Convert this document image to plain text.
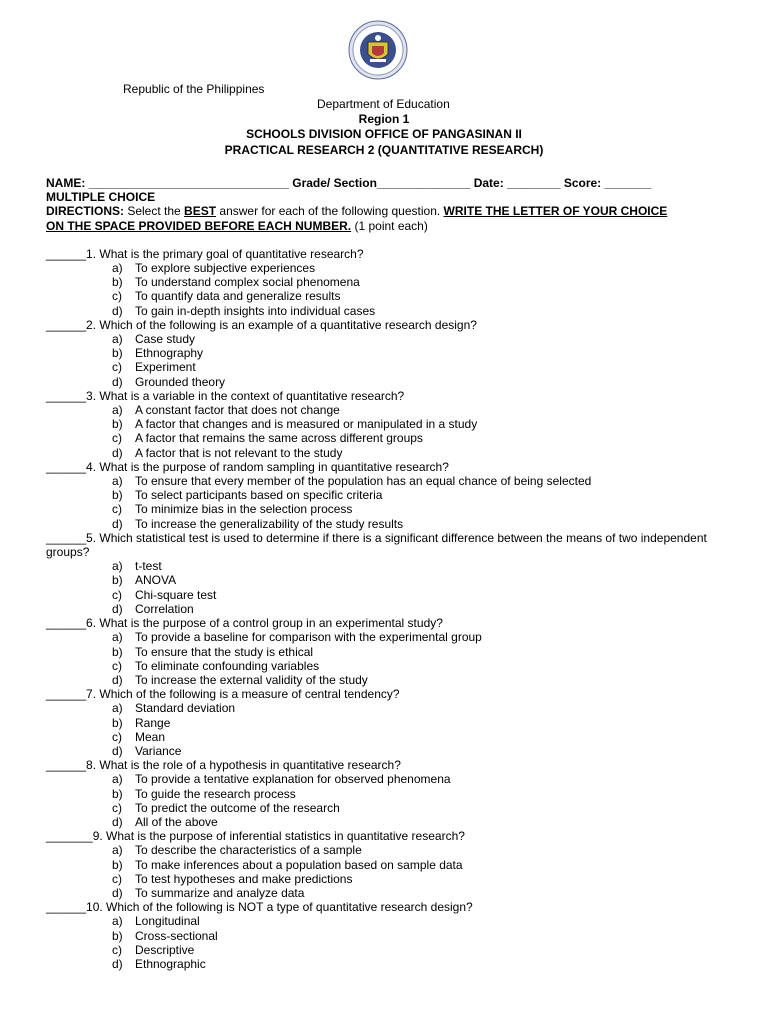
Republic of the Philippines
Department of Education
Region 1
SCHOOLS DIVISION OFFICE OF PANGASINAN II
PRACTICAL RESEARCH 2 (QUANTITATIVE RESEARCH)
NAME: ______________________________ Grade/ Section______________ Date: ________ Score: _______
MULTIPLE CHOICE
DIRECTIONS: Select the BEST answer for each of the following question. WRITE THE LETTER OF YOUR CHOICE
ON THE SPACE PROVIDED BEFORE EACH NUMBER. (1 point each)
______1. What is the primary goal of quantitative research?
a) To explore subjective experiences
b) To understand complex social phenomena
c) To quantify data and generalize results
d) To gain in-depth insights into individual cases
______2. Which of the following is an example of a quantitative research design?
a) Case study
b) Ethnography
c) Experiment
d) Grounded theory
______3. What is a variable in the context of quantitative research?
a) A constant factor that does not change
b) A factor that changes and is measured or manipulated in a study
c) A factor that remains the same across different groups
d) A factor that is not relevant to the study
______4. What is the purpose of random sampling in quantitative research?
a) To ensure that every member of the population has an equal chance of being selected
b) To select participants based on specific criteria
c) To minimize bias in the selection process
d) To increase the generalizability of the study results
______5. Which statistical test is used to determine if there is a significant difference between the means of two independent groups?
a) t-test
b) ANOVA
c) Chi-square test
d) Correlation
______6. What is the purpose of a control group in an experimental study?
a) To provide a baseline for comparison with the experimental group
b) To ensure that the study is ethical
c) To eliminate confounding variables
d) To increase the external validity of the study
______7. Which of the following is a measure of central tendency?
a) Standard deviation
b) Range
c) Mean
d) Variance
______8. What is the role of a hypothesis in quantitative research?
a) To provide a tentative explanation for observed phenomena
b) To guide the research process
c) To predict the outcome of the research
d) All of the above
_______9. What is the purpose of inferential statistics in quantitative research?
a) To describe the characteristics of a sample
b) To make inferences about a population based on sample data
c) To test hypotheses and make predictions
d) To summarize and analyze data
______10. Which of the following is NOT a type of quantitative research design?
a) Longitudinal
b) Cross-sectional
c) Descriptive
d) Ethnographic
